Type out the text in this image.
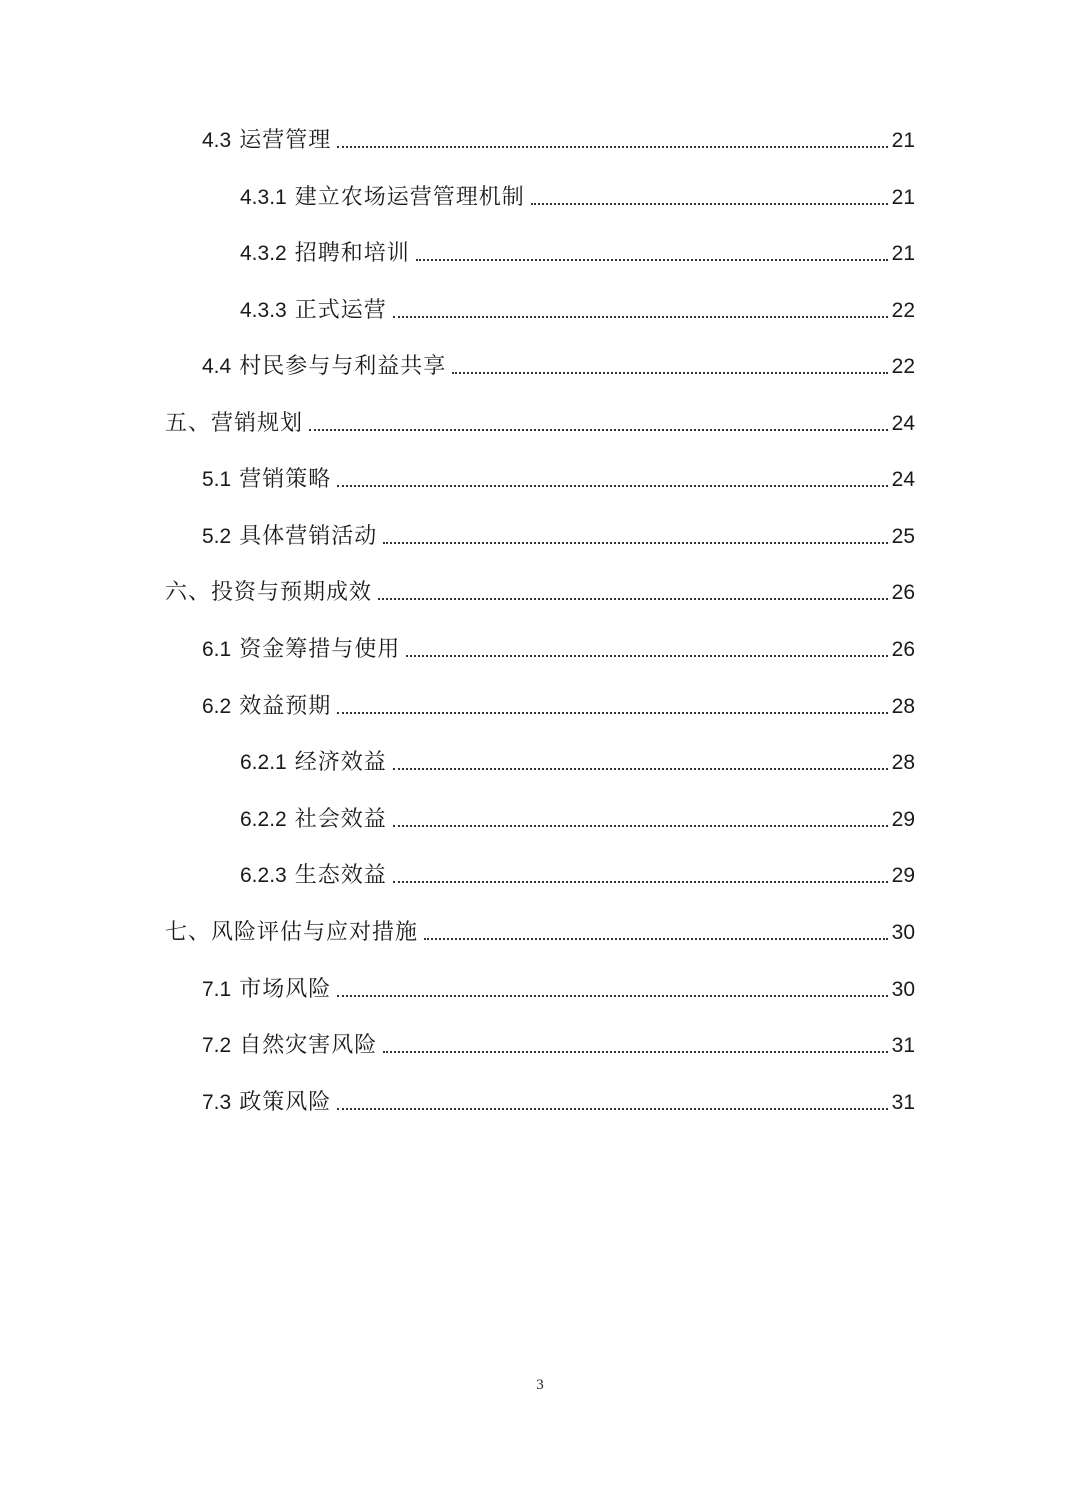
4.3 运营管理	21
4.3.1 建立农场运营管理机制	21
4.3.2 招聘和培训	21
4.3.3 正式运营	22
4.4 村民参与与利益共享	22
五、营销规划	24
5.1 营销策略	24
5.2 具体营销活动	25
六、投资与预期成效	26
6.1 资金筹措与使用	26
6.2 效益预期	28
6.2.1 经济效益	28
6.2.2 社会效益	29
6.2.3 生态效益	29
七、风险评估与应对措施	30
7.1 市场风险	30
7.2 自然灾害风险	31
7.3 政策风险	31
3
